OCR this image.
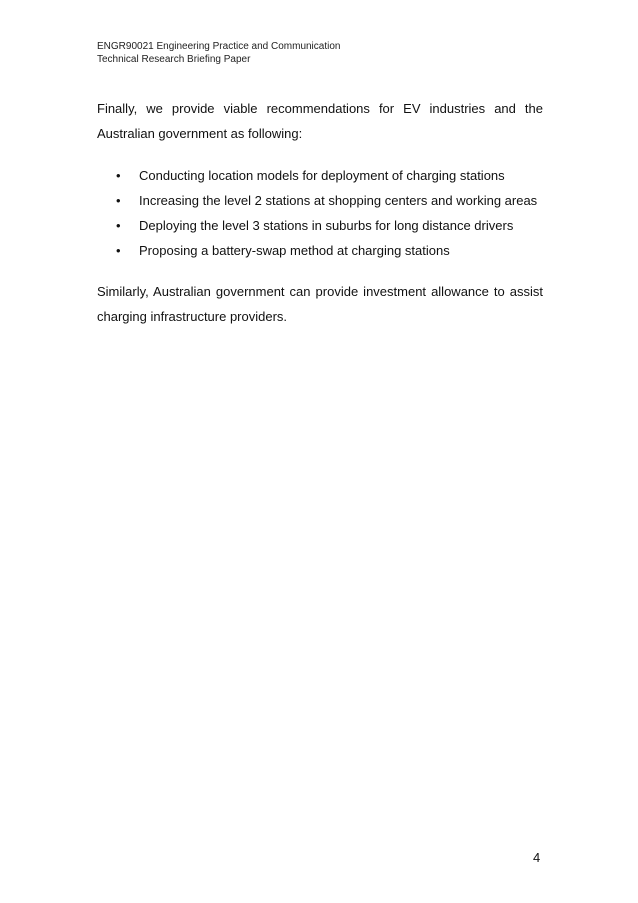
ENGR90021 Engineering Practice and Communication
Technical Research Briefing Paper

Finally, we provide viable recommendations for EV industries and the Australian government as following:

•	Conducting location models for deployment of charging stations
•	Increasing the level 2 stations at shopping centers and working areas
•	Deploying the level 3 stations in suburbs for long distance drivers
•	Proposing a battery-swap method at charging stations

Similarly, Australian government can provide investment allowance to assist charging infrastructure providers.

4
